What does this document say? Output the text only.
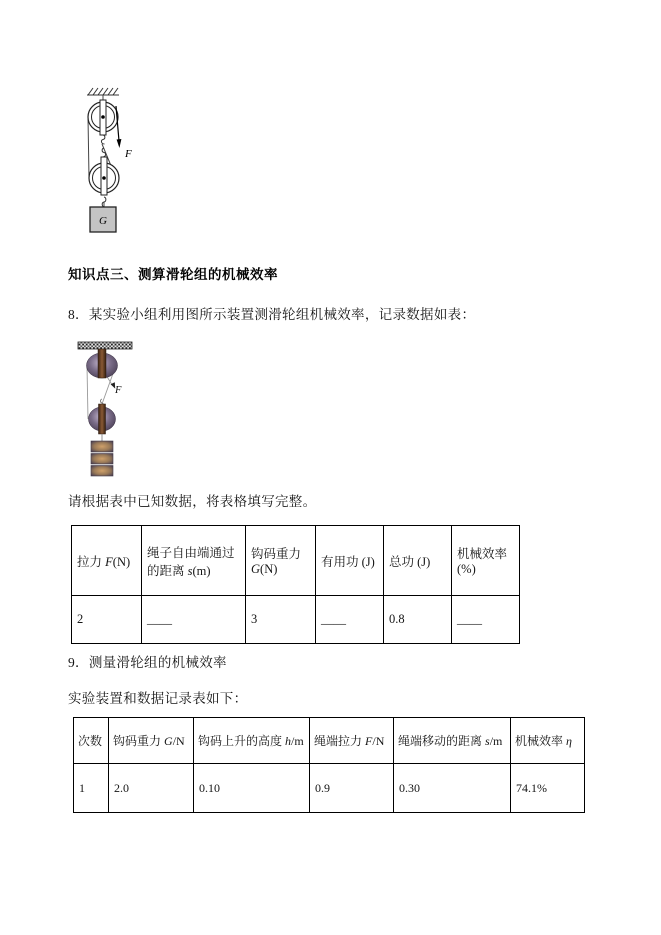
F
G
知识点三、测算滑轮组的机械效率
8．某实验小组利用图所示装置测滑轮组机械效率，记录数据如表：
F
请根据表中已知数据，将表格填写完整。
拉力 F(N)	绳子自由端通过的距离 s(m)	钩码重力 G(N)	有用功 (J)	总功 (J)	机械效率 (%)
2	____	3	____	0.8	____
9．测量滑轮组的机械效率
实验装置和数据记录表如下：
次数	钩码重力 G/N	钩码上升的高度 h/m	绳端拉力 F/N	绳端移动的距离 s/m	机械效率 η
1	2.0	0.10	0.9	0.30	74.1%
